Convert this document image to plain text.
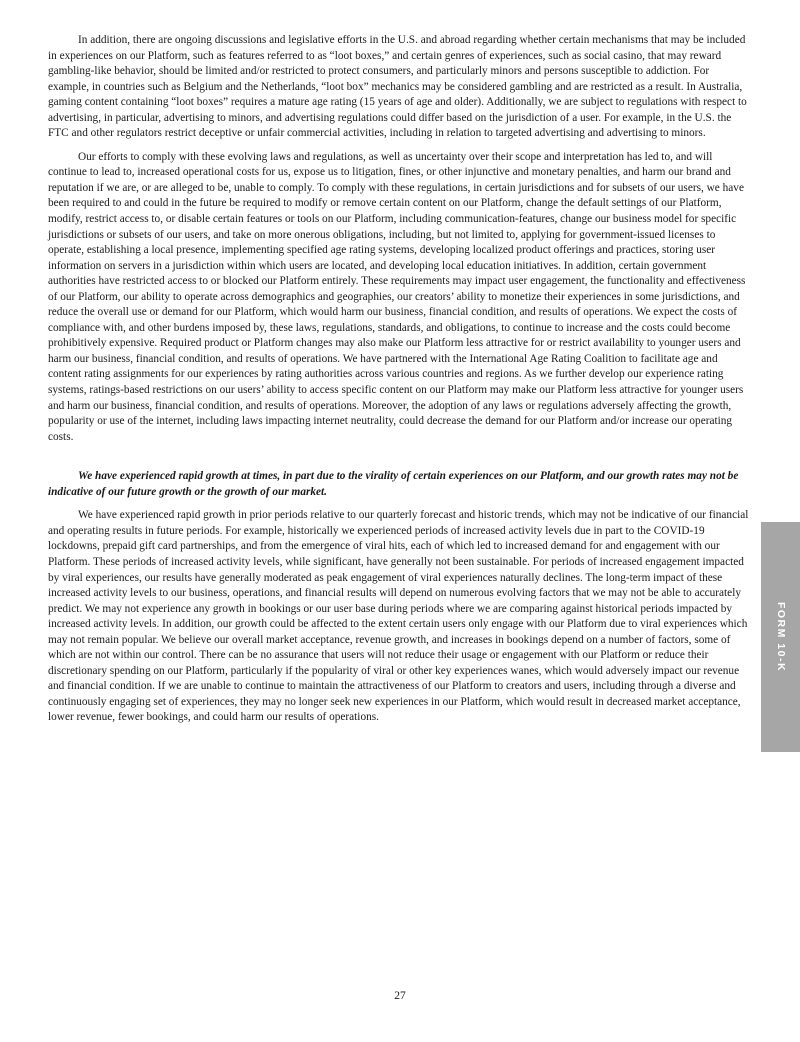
In addition, there are ongoing discussions and legislative efforts in the U.S. and abroad regarding whether certain mechanisms that may be included in experiences on our Platform, such as features referred to as “loot boxes,” and certain genres of experiences, such as social casino, that may reward gambling-like behavior, should be limited and/or restricted to protect consumers, and particularly minors and persons susceptible to addiction. For example, in countries such as Belgium and the Netherlands, “loot box” mechanics may be considered gambling and are restricted as a result. In Australia, gaming content containing “loot boxes” requires a mature age rating (15 years of age and older). Additionally, we are subject to regulations with respect to advertising, in particular, advertising to minors, and advertising regulations could differ based on the jurisdiction of a user. For example, in the U.S. the FTC and other regulators restrict deceptive or unfair commercial activities, including in relation to targeted advertising and advertising to minors.

Our efforts to comply with these evolving laws and regulations, as well as uncertainty over their scope and interpretation has led to, and will continue to lead to, increased operational costs for us, expose us to litigation, fines, or other injunctive and monetary penalties, and harm our brand and reputation if we are, or are alleged to be, unable to comply. To comply with these regulations, in certain jurisdictions and for subsets of our users, we have been required to and could in the future be required to modify or remove certain content on our Platform, change the default settings of our Platform, modify, restrict access to, or disable certain features or tools on our Platform, including communication-features, change our business model for specific jurisdictions or subsets of our users, and take on more onerous obligations, including, but not limited to, applying for government-issued licenses to operate, establishing a local presence, implementing specified age rating systems, developing localized product offerings and practices, storing user information on servers in a jurisdiction within which users are located, and developing local education initiatives. In addition, certain government authorities have restricted access to or blocked our Platform entirely. These requirements may impact user engagement, the functionality and effectiveness of our Platform, our ability to operate across demographics and geographies, our creators’ ability to monetize their experiences in some jurisdictions, and reduce the overall use or demand for our Platform, which would harm our business, financial condition, and results of operations. We expect the costs of compliance with, and other burdens imposed by, these laws, regulations, standards, and obligations, to continue to increase and the costs could become prohibitively expensive. Required product or Platform changes may also make our Platform less attractive for or restrict availability to younger users and harm our business, financial condition, and results of operations. We have partnered with the International Age Rating Coalition to facilitate age and content rating assignments for our experiences by rating authorities across various countries and regions. As we further develop our experience rating systems, ratings-based restrictions on our users’ ability to access specific content on our Platform may make our Platform less attractive for younger users and harm our business, financial condition, and results of operations. Moreover, the adoption of any laws or regulations adversely affecting the growth, popularity or use of the internet, including laws impacting internet neutrality, could decrease the demand for our Platform and/or increase our operating costs.

We have experienced rapid growth at times, in part due to the virality of certain experiences on our Platform, and our growth rates may not be indicative of our future growth or the growth of our market.

We have experienced rapid growth in prior periods relative to our quarterly forecast and historic trends, which may not be indicative of our financial and operating results in future periods. For example, historically we experienced periods of increased activity levels due in part to the COVID-19 lockdowns, prepaid gift card partnerships, and from the emergence of viral hits, each of which led to increased demand for and engagement with our Platform. These periods of increased activity levels, while significant, have generally not been sustainable. For periods of increased engagement impacted by viral experiences, our results have generally moderated as peak engagement of viral experiences naturally declines. The long-term impact of these increased activity levels to our business, operations, and financial results will depend on numerous evolving factors that we may not be able to accurately predict. We may not experience any growth in bookings or our user base during periods where we are comparing against historical periods impacted by increased activity levels. In addition, our growth could be affected to the extent certain users only engage with our Platform due to viral experiences which may not remain popular. We believe our overall market acceptance, revenue growth, and increases in bookings depend on a number of factors, some of which are not within our control. There can be no assurance that users will not reduce their usage or engagement with our Platform or reduce their discretionary spending on our Platform, particularly if the popularity of viral or other key experiences wanes, which would adversely impact our revenue and financial condition. If we are unable to continue to maintain the attractiveness of our Platform to creators and users, including through a diverse and continuously engaging set of experiences, they may no longer seek new experiences in our Platform, which would result in decreased market acceptance, lower revenue, fewer bookings, and could harm our results of operations.

FORM 10-K
27
